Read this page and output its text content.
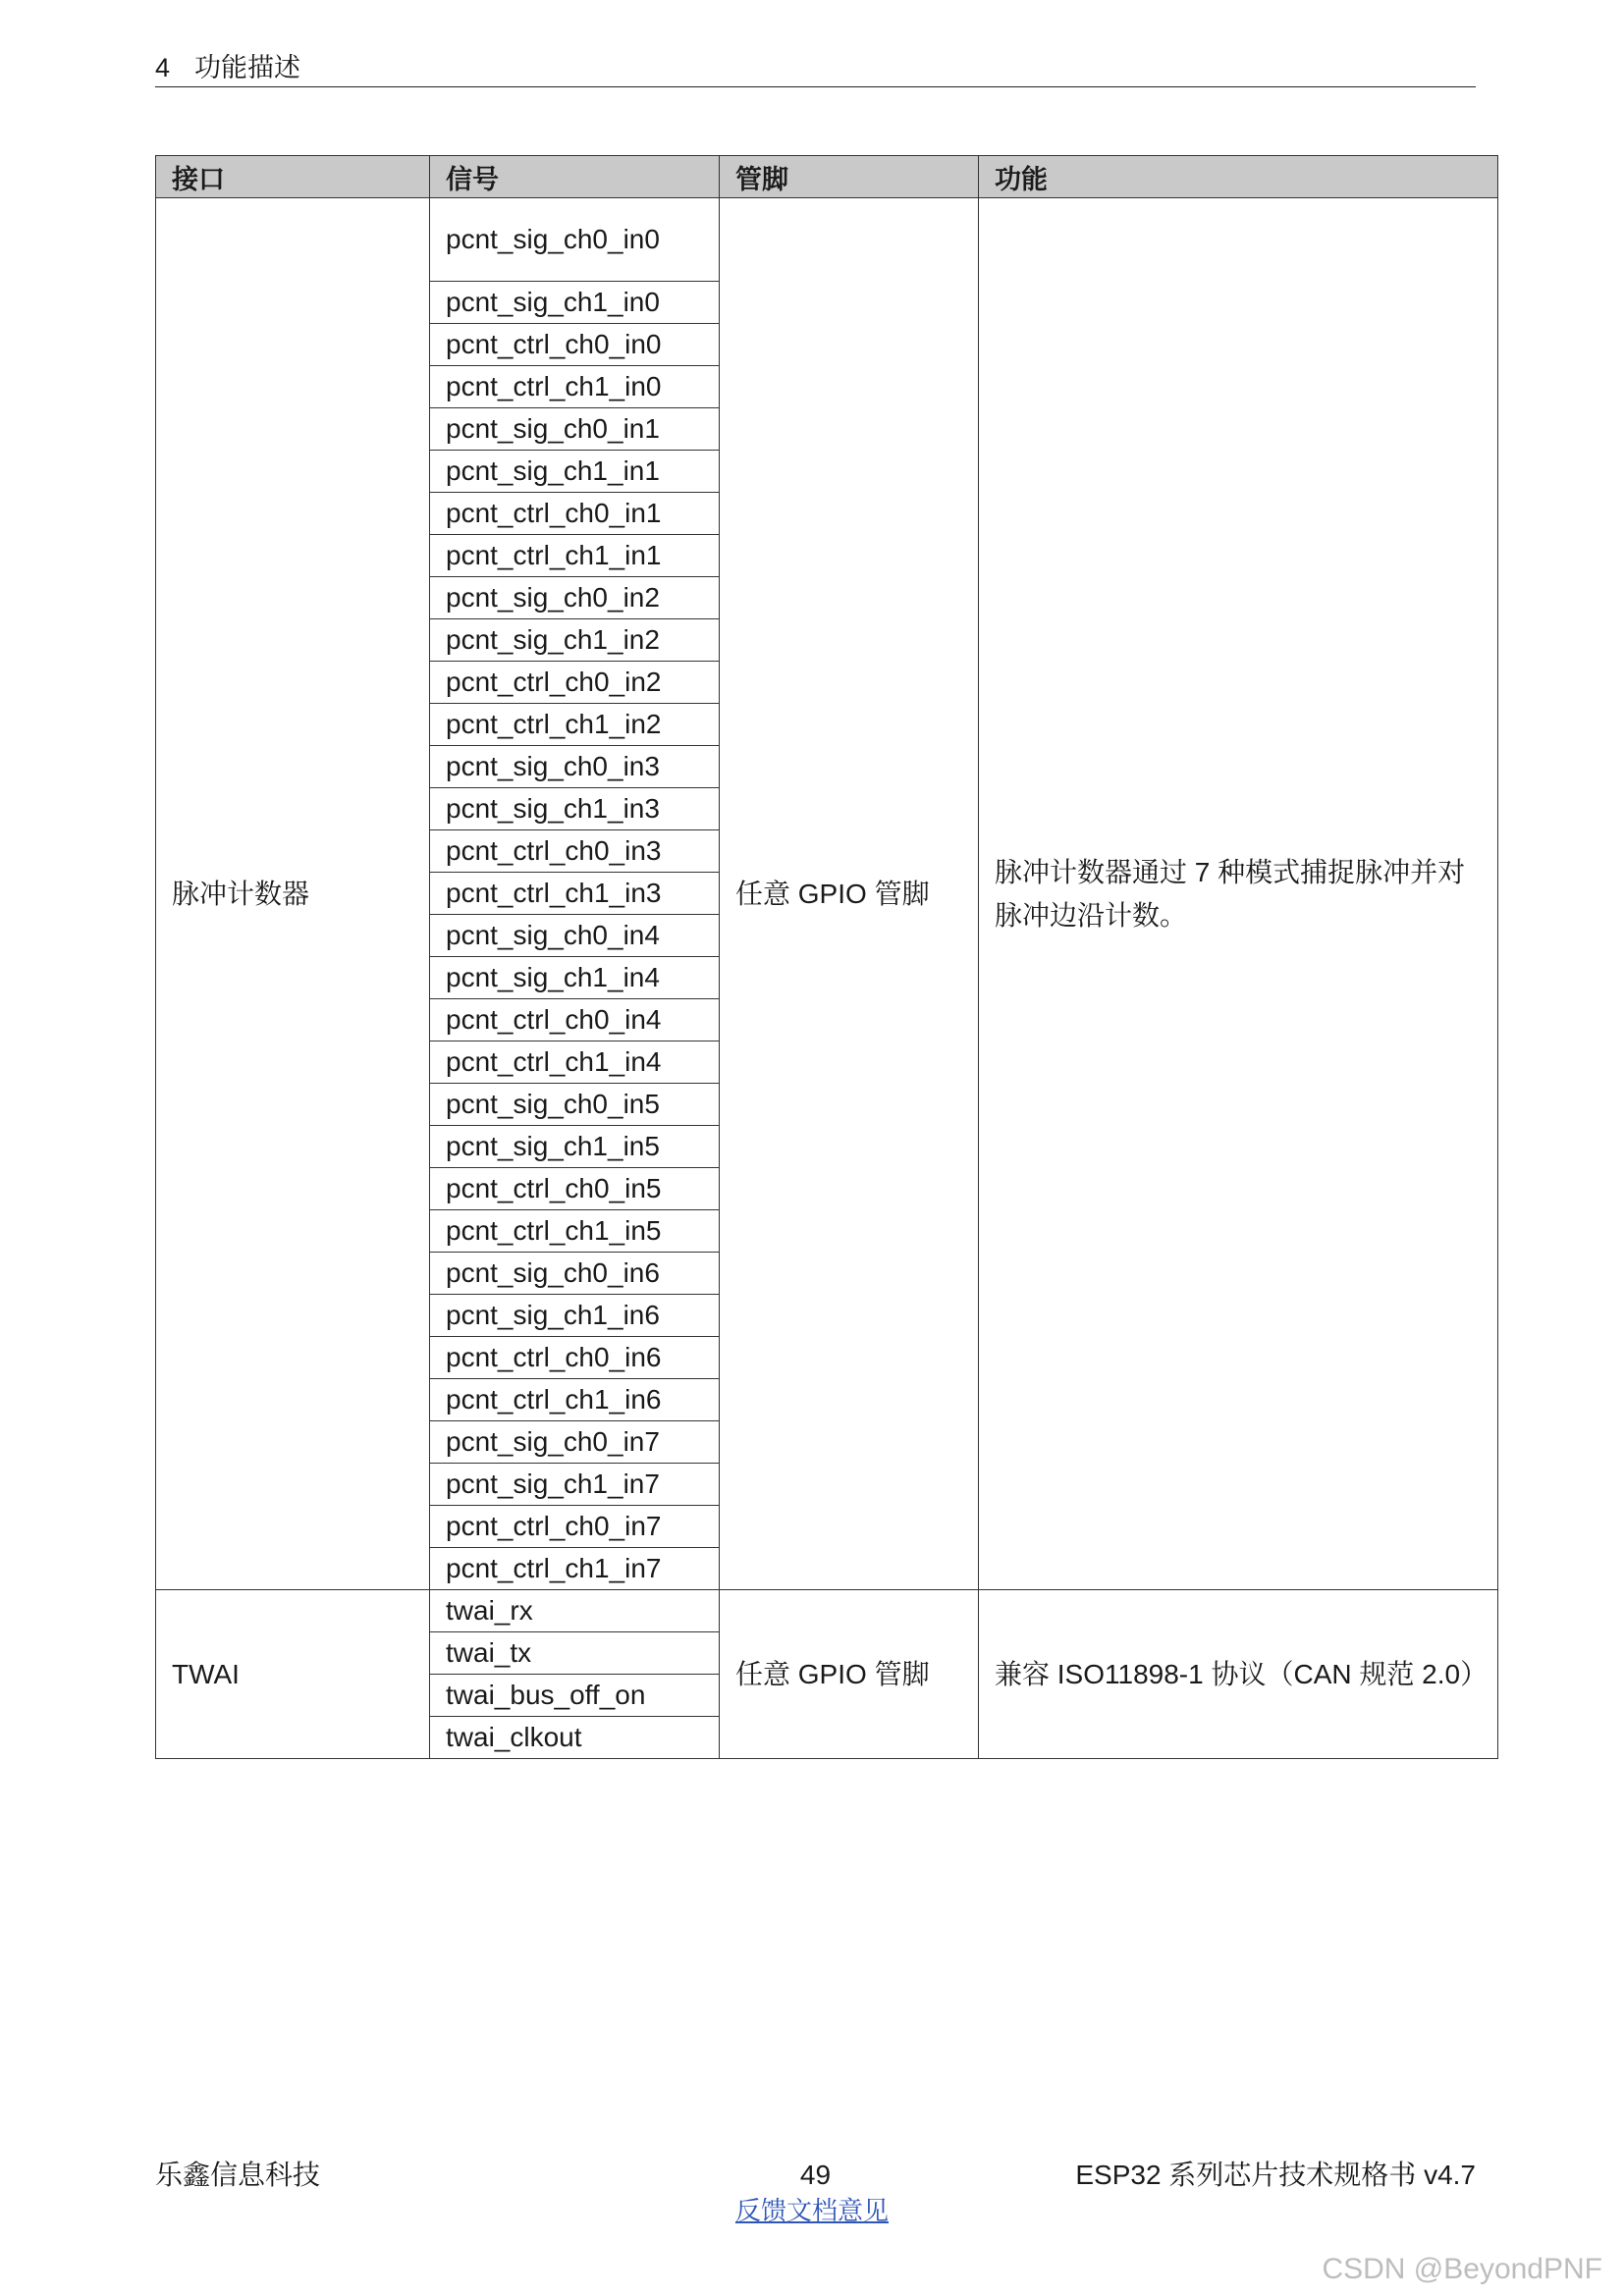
4 功能描述
接口	信号	管脚	功能
脉冲计数器	pcnt_sig_ch0_in0	任意 GPIO 管脚	脉冲计数器通过 7 种模式捕捉脉冲并对脉冲边沿计数。
	pcnt_sig_ch1_in0		
	pcnt_ctrl_ch0_in0		
	pcnt_ctrl_ch1_in0		
	pcnt_sig_ch0_in1		
	pcnt_sig_ch1_in1		
	pcnt_ctrl_ch0_in1		
	pcnt_ctrl_ch1_in1		
	pcnt_sig_ch0_in2		
	pcnt_sig_ch1_in2		
	pcnt_ctrl_ch0_in2		
	pcnt_ctrl_ch1_in2		
	pcnt_sig_ch0_in3		
	pcnt_sig_ch1_in3		
	pcnt_ctrl_ch0_in3		
	pcnt_ctrl_ch1_in3		
	pcnt_sig_ch0_in4		
	pcnt_sig_ch1_in4		
	pcnt_ctrl_ch0_in4		
	pcnt_ctrl_ch1_in4		
	pcnt_sig_ch0_in5		
	pcnt_sig_ch1_in5		
	pcnt_ctrl_ch0_in5		
	pcnt_ctrl_ch1_in5		
	pcnt_sig_ch0_in6		
	pcnt_sig_ch1_in6		
	pcnt_ctrl_ch0_in6		
	pcnt_ctrl_ch1_in6		
	pcnt_sig_ch0_in7		
	pcnt_sig_ch1_in7		
	pcnt_ctrl_ch0_in7		
	pcnt_ctrl_ch1_in7		
TWAI	twai_rx	任意 GPIO 管脚	兼容 ISO11898-1 协议（CAN 规范 2.0）
	twai_tx		
	twai_bus_off_on		
	twai_clkout		
乐鑫信息科技	49	ESP32 系列芯片技术规格书 v4.7
反馈文档意见
CSDN @BeyondPNF
